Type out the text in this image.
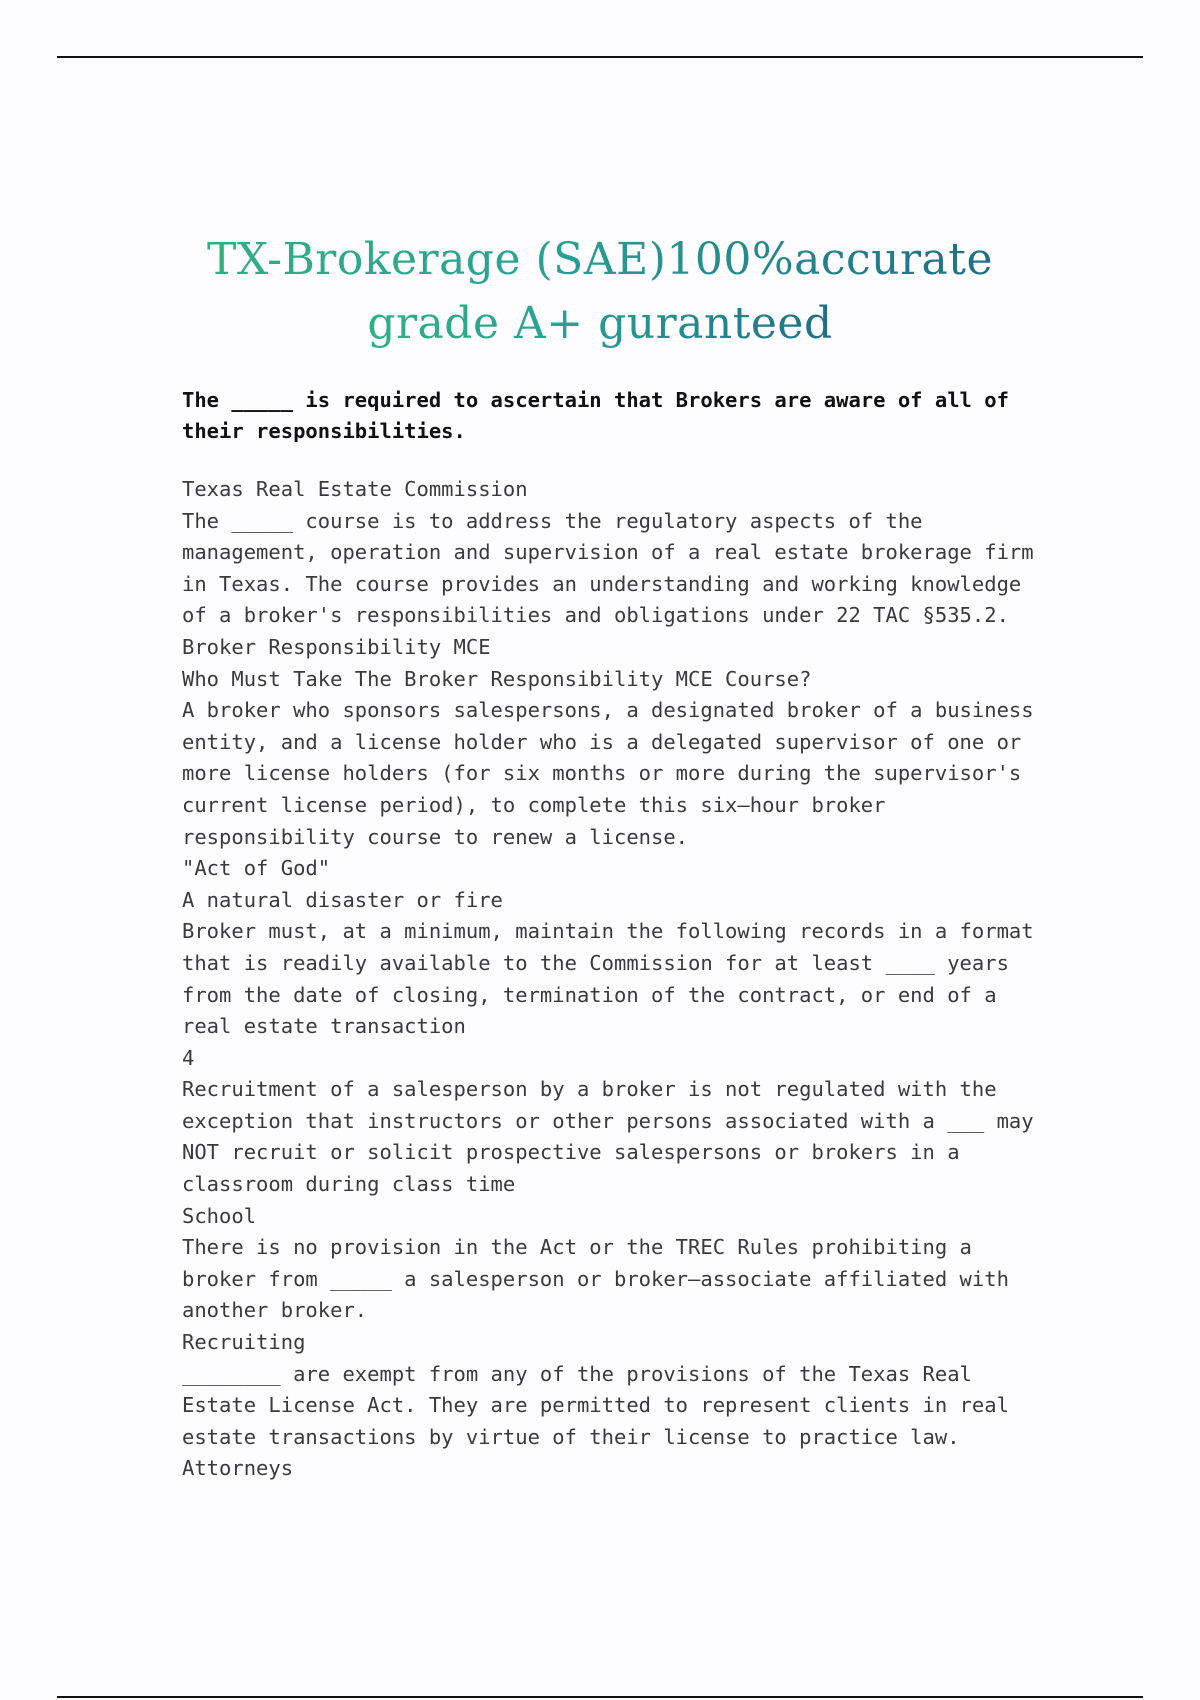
TX-Brokerage (SAE)100%accurate
grade A+ guranteed

The _____ is required to ascertain that Brokers are aware of all of
their responsibilities.

Texas Real Estate Commission
The _____ course is to address the regulatory aspects of the
management, operation and supervision of a real estate brokerage firm
in Texas. The course provides an understanding and working knowledge
of a broker's responsibilities and obligations under 22 TAC §535.2.
Broker Responsibility MCE
Who Must Take The Broker Responsibility MCE Course?
A broker who sponsors salespersons, a designated broker of a business
entity, and a license holder who is a delegated supervisor of one or
more license holders (for six months or more during the supervisor's
current license period), to complete this six—hour broker
responsibility course to renew a license.
"Act of God"
A natural disaster or fire
Broker must, at a minimum, maintain the following records in a format
that is readily available to the Commission for at least ____ years
from the date of closing, termination of the contract, or end of a
real estate transaction
4
Recruitment of a salesperson by a broker is not regulated with the
exception that instructors or other persons associated with a ___ may
NOT recruit or solicit prospective salespersons or brokers in a
classroom during class time
School
There is no provision in the Act or the TREC Rules prohibiting a
broker from _____ a salesperson or broker—associate affiliated with
another broker.
Recruiting
________ are exempt from any of the provisions of the Texas Real
Estate License Act. They are permitted to represent clients in real
estate transactions by virtue of their license to practice law.
Attorneys
